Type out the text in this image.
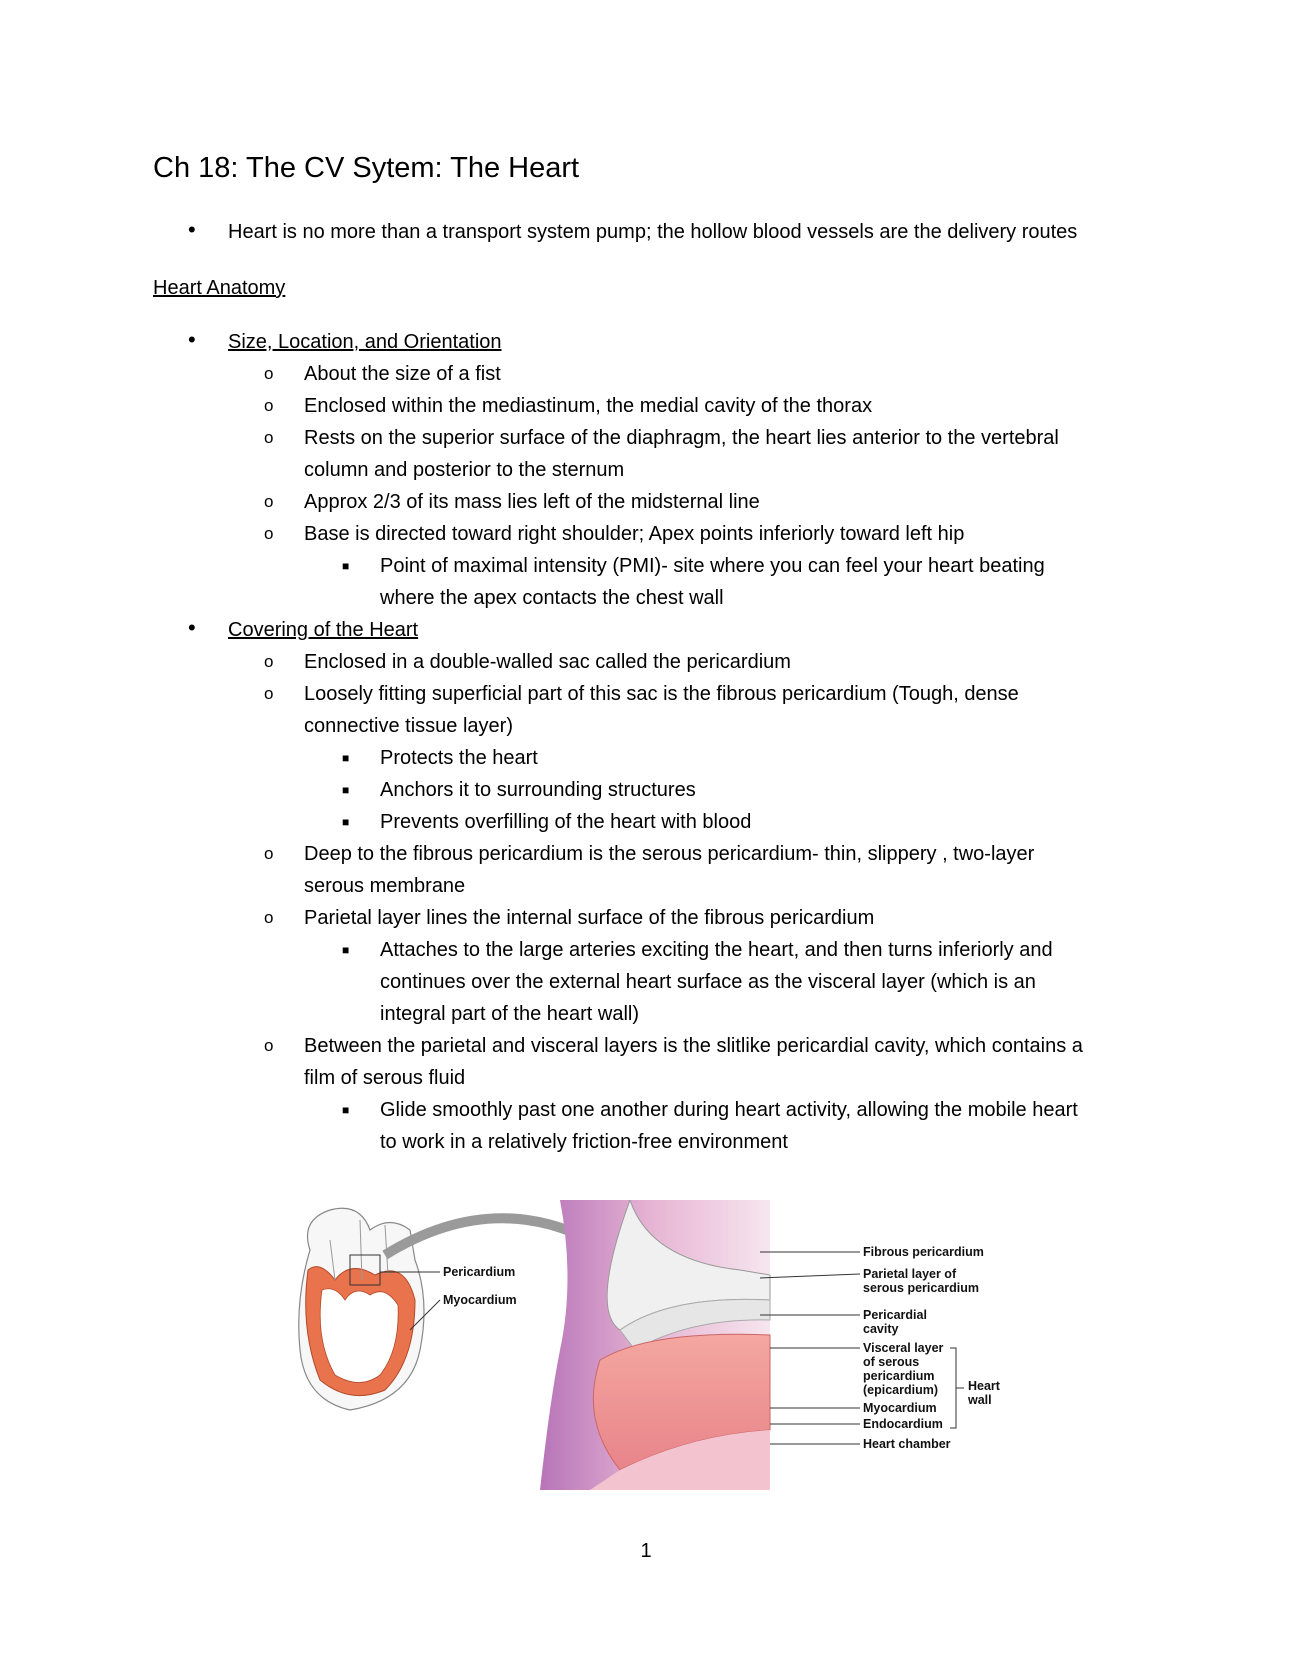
Ch 18: The CV Sytem: The Heart
• Heart is no more than a transport system pump; the hollow blood vessels are the delivery routes
Heart Anatomy
• Size, Location, and Orientation
o About the size of a fist
o Enclosed within the mediastinum, the medial cavity of the thorax
o Rests on the superior surface of the diaphragm, the heart lies anterior to the vertebral
column and posterior to the sternum
o Approx 2/3 of its mass lies left of the midsternal line
o Base is directed toward right shoulder; Apex points inferiorly toward left hip
■ Point of maximal intensity (PMI)- site where you can feel your heart beating
where the apex contacts the chest wall
• Covering of the Heart
o Enclosed in a double-walled sac called the pericardium
o Loosely fitting superficial part of this sac is the fibrous pericardium (Tough, dense
connective tissue layer)
■ Protects the heart
■ Anchors it to surrounding structures
■ Prevents overfilling of the heart with blood
o Deep to the fibrous pericardium is the serous pericardium- thin, slippery , two-layer
serous membrane
o Parietal layer lines the internal surface of the fibrous pericardium
■ Attaches to the large arteries exciting the heart, and then turns inferiorly and
continues over the external heart surface as the visceral layer (which is an
integral part of the heart wall)
o Between the parietal and visceral layers is the slitlike pericardial cavity, which contains a
film of serous fluid
■ Glide smoothly past one another during heart activity, allowing the mobile heart
to work in a relatively friction-free environment
Pericardium
Myocardium
Fibrous pericardium
Parietal layer of
serous pericardium
Pericardial
cavity
Visceral layer
of serous
pericardium
(epicardium)
Myocardium
Endocardium
Heart chamber
Heart
wall
1
